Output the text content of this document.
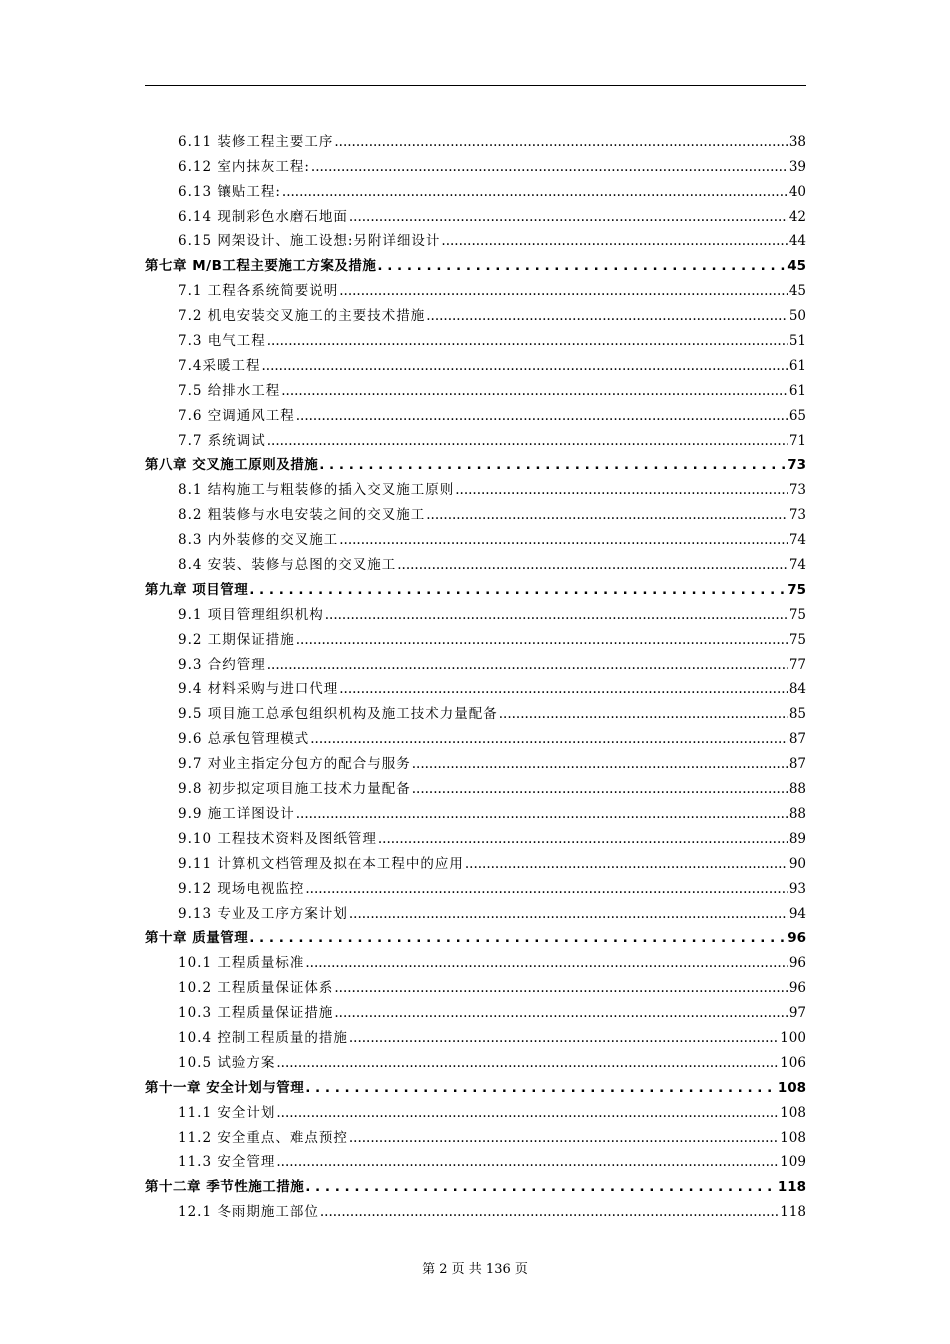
6.11 装修工程主要工序 .....	38
6.12 室内抹灰工程: .....	39
6.13 镶贴工程: .....	40
6.14 现制彩色水磨石地面 .....	42
6.15 网架设计、施工设想:另附详细设计 .....	44
第七章 M/B工程主要施工方案及措施 . . .	45
7.1 工程各系统简要说明 .....	45
7.2 机电安装交叉施工的主要技术措施 .....	50
7.3 电气工程 .....	51
7.4采暖工程 .....	61
7.5 给排水工程 .....	61
7.6 空调通风工程 .....	65
7.7 系统调试 .....	71
第八章 交叉施工原则及措施 . . .	73
8.1 结构施工与粗装修的插入交叉施工原则 .....	73
8.2 粗装修与水电安装之间的交叉施工 .....	73
8.3 内外装修的交叉施工 .....	74
8.4 安装、装修与总图的交叉施工 .....	74
第九章 项目管理 . . .	75
9.1 项目管理组织机构 .....	75
9.2 工期保证措施 .....	75
9.3 合约管理 .....	77
9.4 材料采购与进口代理 .....	84
9.5 项目施工总承包组织机构及施工技术力量配备 .....	85
9.6 总承包管理模式 .....	87
9.7 对业主指定分包方的配合与服务 .....	87
9.8 初步拟定项目施工技术力量配备 .....	88
9.9 施工详图设计 .....	88
9.10 工程技术资料及图纸管理 .....	89
9.11 计算机文档管理及拟在本工程中的应用 .....	90
9.12 现场电视监控 .....	93
9.13 专业及工序方案计划 .....	94
第十章 质量管理 . . .	96
10.1 工程质量标准 .....	96
10.2 工程质量保证体系 .....	96
10.3 工程质量保证措施 .....	97
10.4 控制工程质量的措施 .....	100
10.5 试验方案 .....	106
第十一章 安全计划与管理 . . .	108
11.1 安全计划 .....	108
11.2 安全重点、难点预控 .....	108
11.3 安全管理 .....	109
第十二章 季节性施工措施 . . .	118
12.1 冬雨期施工部位 .....	118
第 2 页 共 136 页
